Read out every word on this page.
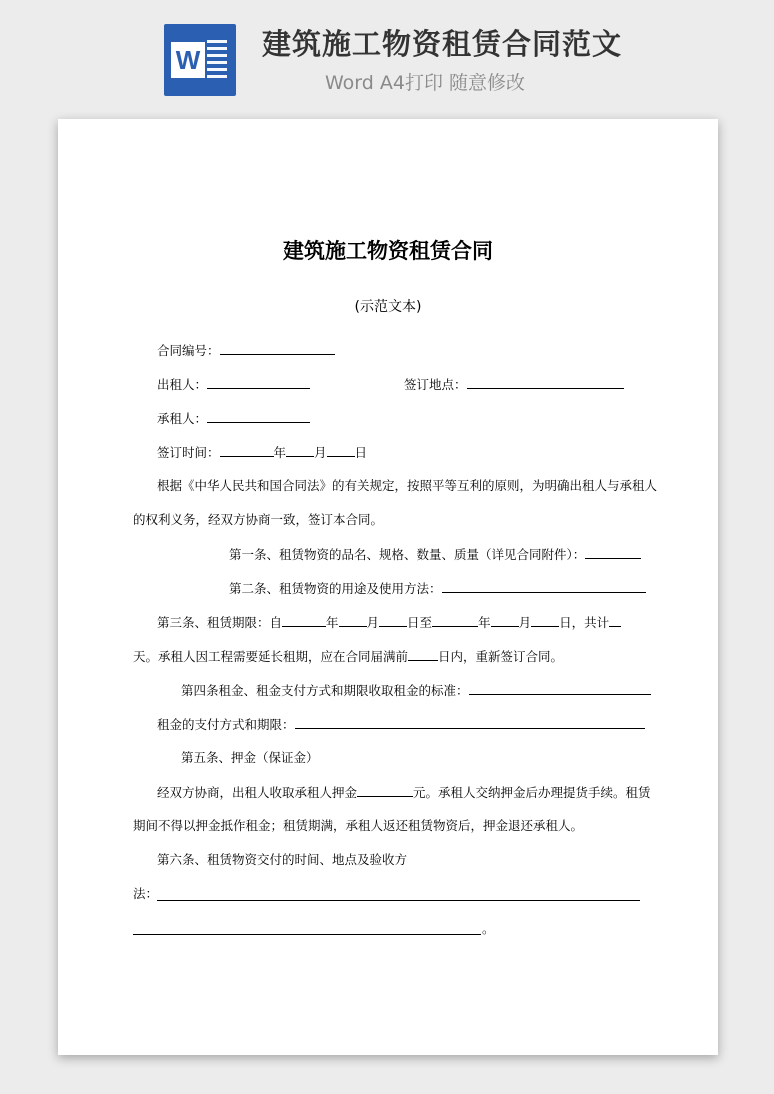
W 建筑施工物资租赁合同范文
Word A4打印 随意修改
建筑施工物资租赁合同
(示范文本)
合同编号：
出租人：	签订地点：
承租人：
签订时间：	年 月 日
根据《中华人民共和国合同法》的有关规定，按照平等互利的原则，为明确出租人与承租人
的权利义务，经双方协商一致，签订本合同。
第一条、租赁物资的品名、规格、数量、质量（详见合同附件）：
第二条、租赁物资的用途及使用方法：
第三条、租赁期限：自	年 月 日至	年 月 日，共计
天。承租人因工程需要延长租期，应在合同届满前 日内，重新签订合同。
第四条租金、租金支付方式和期限收取租金的标准：
租金的支付方式和期限：
第五条、押金（保证金）
经双方协商，出租人收取承租人押金	元。承租人交纳押金后办理提货手续。租赁
期间不得以押金抵作租金；租赁期满，承租人返还租赁物资后，押金退还承租人。
第六条、租赁物资交付的时间、地点及验收方
法：
。
